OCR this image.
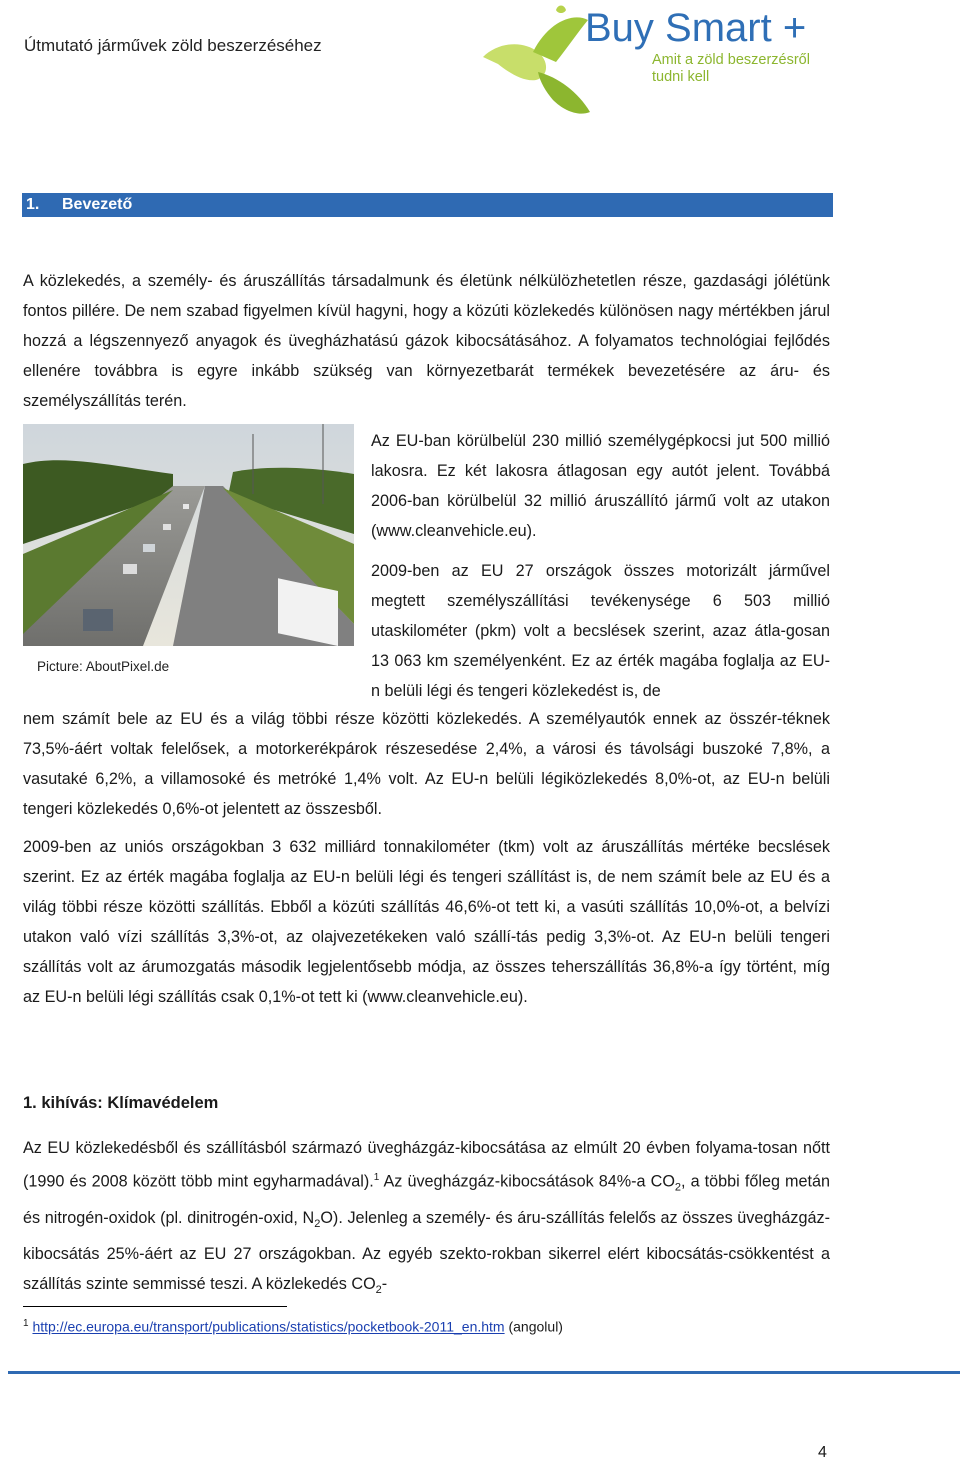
Útmutató járművek zöld beszerzéséhez	Buy Smart +
Amit a zöld beszerzésről
tudni kell
1. Bevezető
A közlekedés, a személy- és áruszállítás társadalmunk és életünk nélkülözhetetlen része, gazdasági jólétünk fontos pillére. De nem szabad figyelmen kívül hagyni, hogy a közúti közlekedés különösen nagy mértékben járul hozzá a légszennyező anyagok és üvegházhatású gázok kibocsátásához. A folyamatos technológiai fejlődés ellenére továbbra is egyre inkább szükség van környezetbarát termékek bevezetésére az áru- és személyszállítás terén.
Picture: AboutPixel.de
Az EU-ban körülbelül 230 millió személygépkocsi jut 500 millió lakosra. Ez két lakosra átlagosan egy autót jelent. Továbbá 2006-ban körülbelül 32 millió áruszállító jármű volt az utakon (www.cleanvehicle.eu).
2009-ben az EU 27 országok összes motorizált járművel megtett személyszállítási tevékenysége 6 503 millió utaskilométer (pkm) volt a becslések szerint, azaz átla-gosan 13 063 km személyenként. Ez az érték magába foglalja az EU-n belüli légi és tengeri közlekedést is, de
nem számít bele az EU és a világ többi része közötti közlekedés. A személyautók ennek az összér-téknek 73,5%-áért voltak felelősek, a motorkerékpárok részesedése 2,4%, a városi és távolsági buszoké 7,8%, a vasutaké 6,2%, a villamosoké és metróké 1,4% volt. Az EU-n belüli légiközlekedés 8,0%-ot, az EU-n belüli tengeri közlekedés 0,6%-ot jelentett az összesből.
2009-ben az uniós országokban 3 632 milliárd tonnakilométer (tkm) volt az áruszállítás mértéke becslések szerint. Ez az érték magába foglalja az EU-n belüli légi és tengeri szállítást is, de nem számít bele az EU és a világ többi része közötti szállítás. Ebből a közúti szállítás 46,6%-ot tett ki, a vasúti szállítás 10,0%-ot, a belvízi utakon való vízi szállítás 3,3%-ot, az olajvezetékeken való szállí-tás pedig 3,3%-ot. Az EU-n belüli tengeri szállítás volt az árumozgatás második legjelentősebb módja, az összes teherszállítás 36,8%-a így történt, míg az EU-n belüli légi szállítás csak 0,1%-ot tett ki (www.cleanvehicle.eu).
1. kihívás: Klímavédelem
Az EU közlekedésből és szállításból származó üvegházgáz-kibocsátása az elmúlt 20 évben folyama-tosan nőtt (1990 és 2008 között több mint egyharmadával).$^1$ Az üvegházgáz-kibocsátások 84%-a $CO_2$, a többi főleg metán és nitrogén-oxidok (pl. dinitrogén-oxid, $N_2O$). Jelenleg a személy- és áru-szállítás felelős az összes üvegházgáz-kibocsátás 25%-áért az EU 27 országokban. Az egyéb szekto-rokban sikerrel elért kibocsátás-csökkentést a szállítás szinte semmissé teszi. A közlekedés $CO_2-$
$^1$ http://ec.europa.eu/transport/publications/statistics/pocketbook-2011_en.htm (angolul)
4
